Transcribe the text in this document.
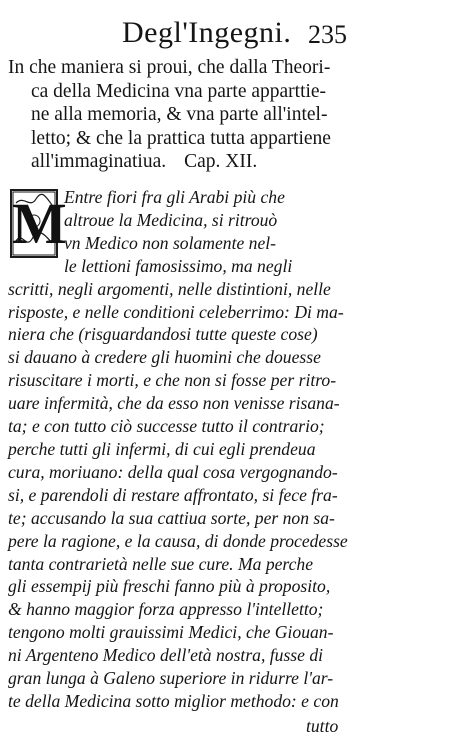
Degl'Ingegni. 235
In che maniera si proui, che dalla Theori-
ca della Medicina vna parte apparttie-
ne alla memoria, & vna parte all'intel-
letto; & che la prattica tutta appartiene
all'immaginatiua. Cap. XII.
M
Entre fiori fra gli Arabi più che
altroue la Medicina, si ritrouò
vn Medico non solamente nel-
le lettioni famosissimo, ma negli
scritti, negli argomenti, nelle distintioni, nelle
risposte, e nelle conditioni celeberrimo: Di ma-
niera che (risguardandosi tutte queste cose)
si dauano à credere gli huomini che douesse
risuscitare i morti, e che non si fosse per ritro-
uare infermità, che da esso non venisse risana-
ta; e con tutto ciò successe tutto il contrario;
perche tutti gli infermi, di cui egli prendeua
cura, moriuano: della qual cosa vergognando-
si, e parendoli di restare affrontato, si fece fra-
te; accusando la sua cattiua sorte, per non sa-
pere la ragione, e la causa, di donde procedesse
tanta contrarietà nelle sue cure. Ma perche
gli essempij più freschi fanno più à proposito,
& hanno maggior forza appresso l'intelletto;
tengono molti grauissimi Medici, che Giouan-
ni Argenteno Medico dell'età nostra, fusse di
gran lunga à Galeno superiore in ridurre l'ar-
te della Medicina sotto miglior methodo: e con
tutto
